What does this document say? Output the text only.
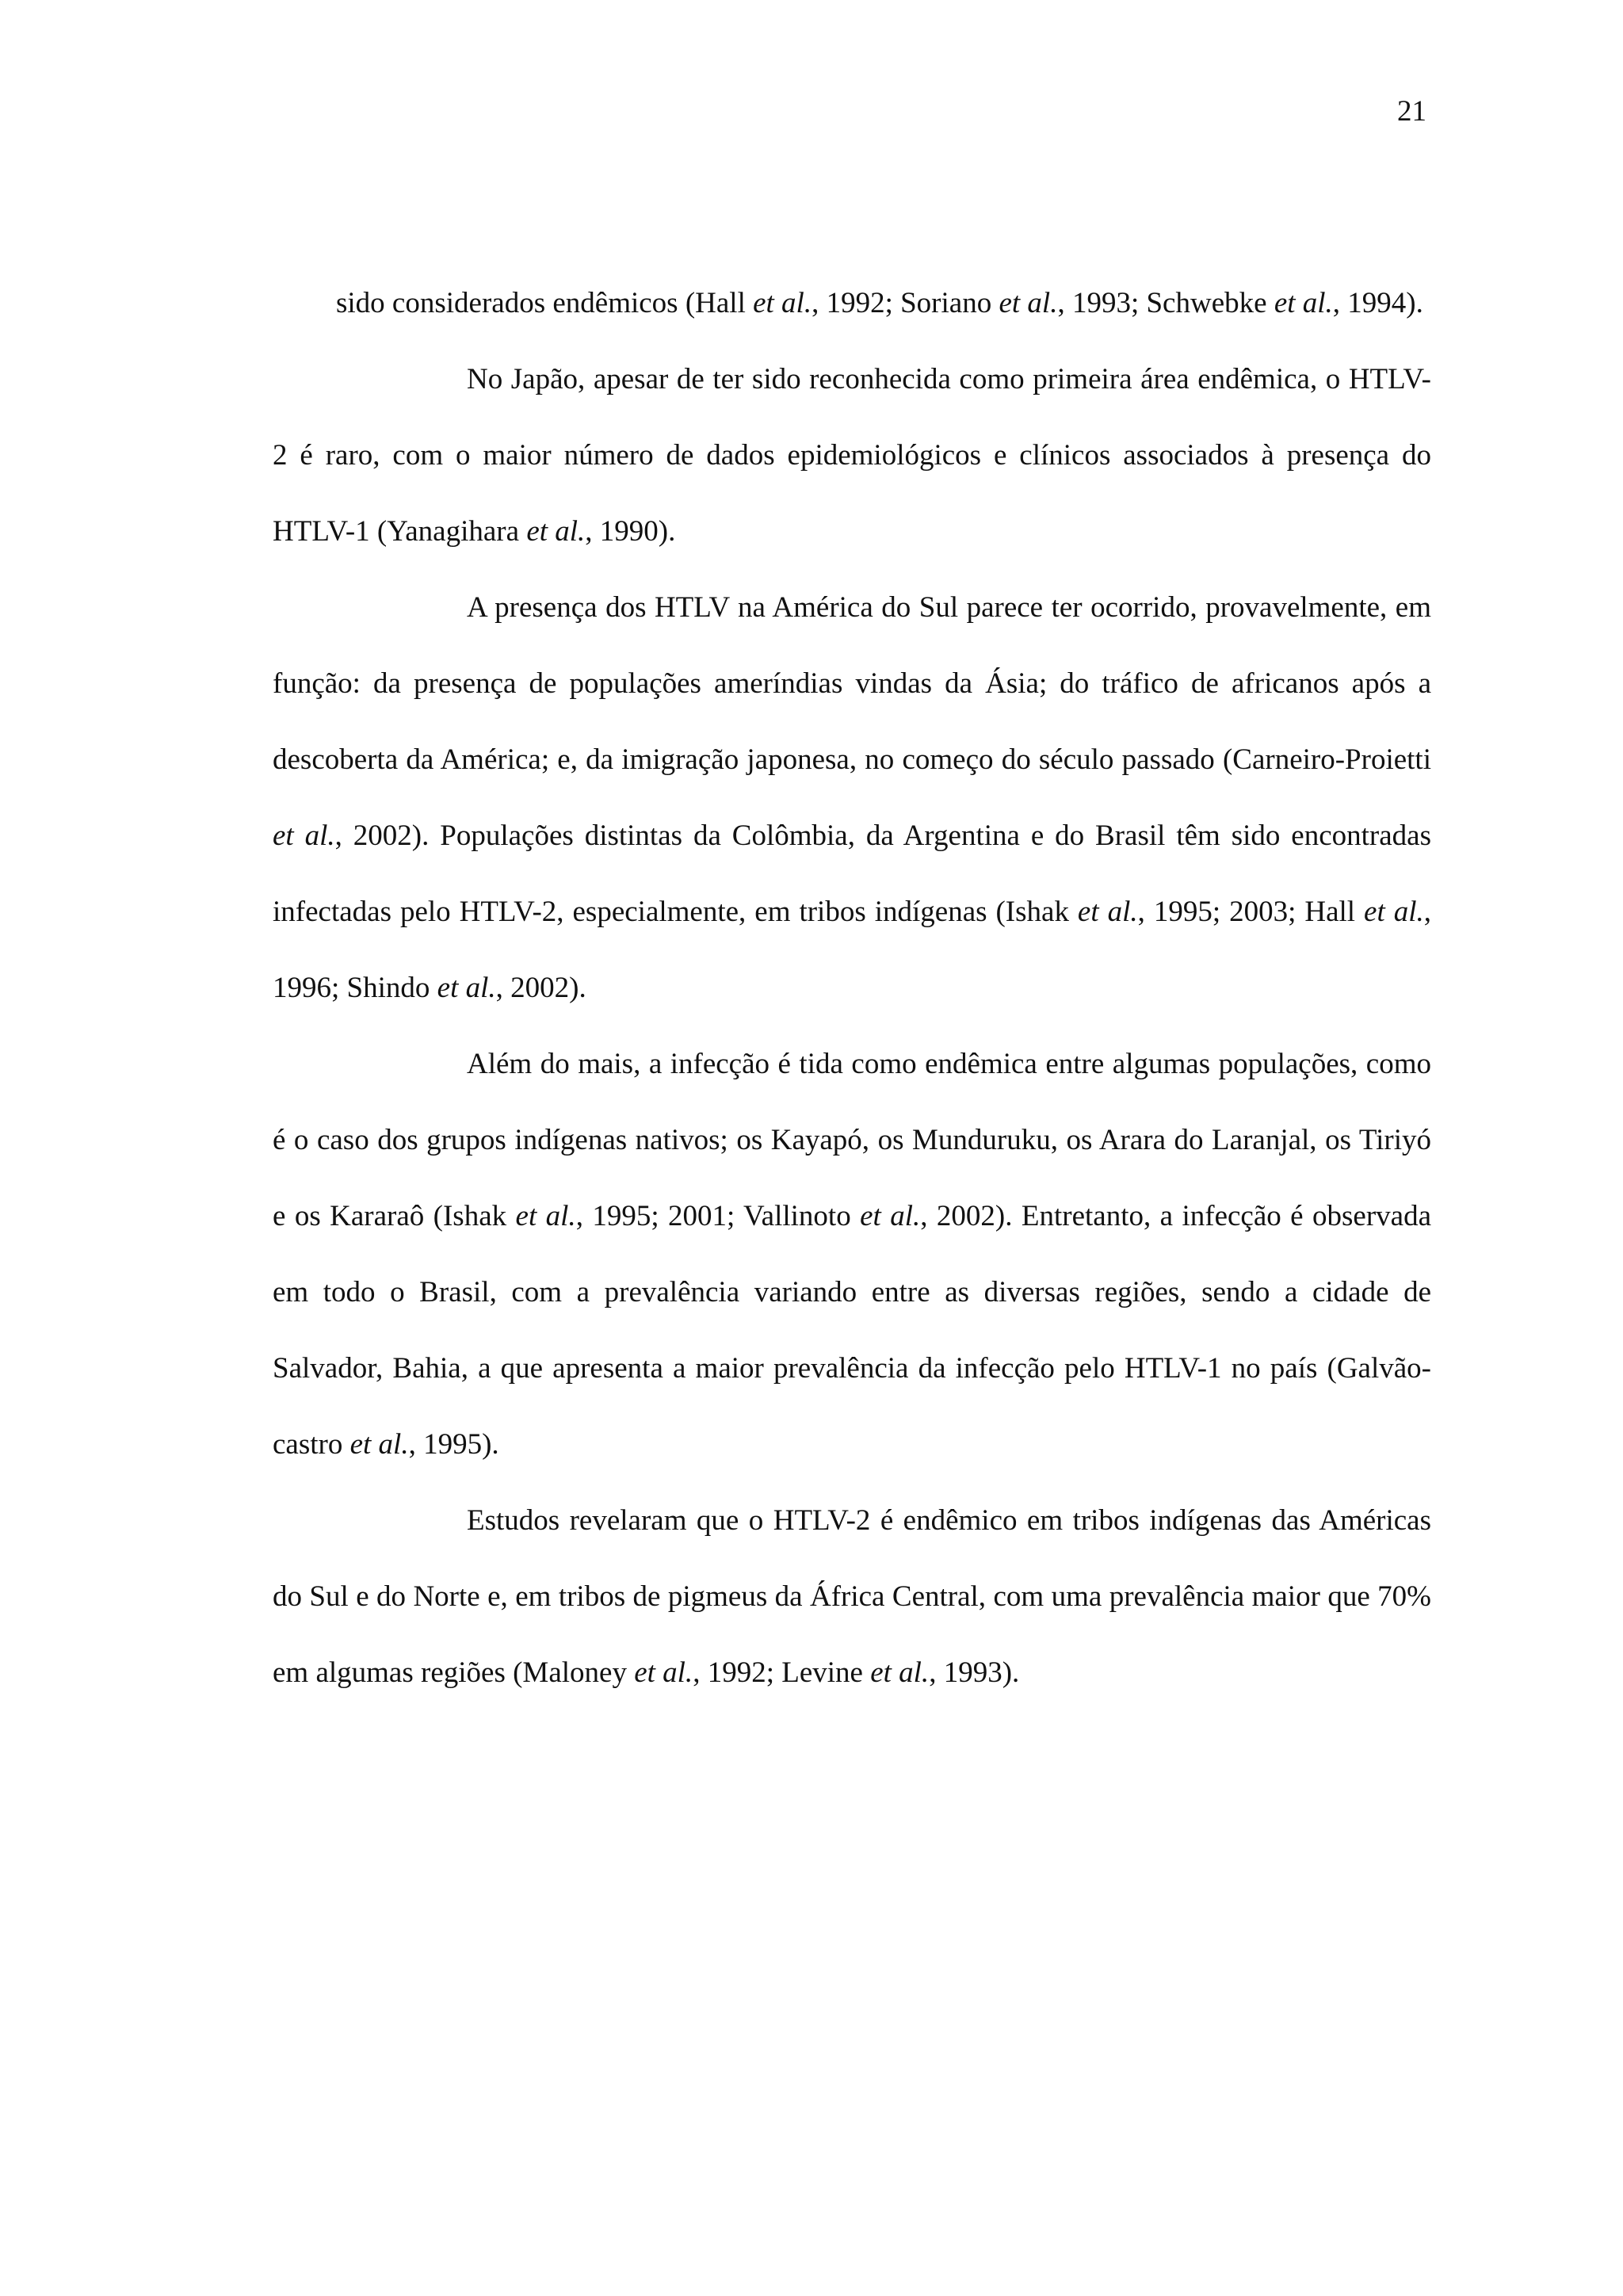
21

sido considerados endêmicos (Hall et al., 1992; Soriano et al., 1993; Schwebke et al., 1994).

No Japão, apesar de ter sido reconhecida como primeira área endêmica, o HTLV-2 é raro, com o maior número de dados epidemiológicos e clínicos associados à presença do HTLV-1 (Yanagihara et al., 1990).

A presença dos HTLV na América do Sul parece ter ocorrido, provavelmente, em função: da presença de populações ameríndias vindas da Ásia; do tráfico de africanos após a descoberta da América; e, da imigração japonesa, no começo do século passado (Carneiro-Proietti et al., 2002). Populações distintas da Colômbia, da Argentina e do Brasil têm sido encontradas infectadas pelo HTLV-2, especialmente, em tribos indígenas (Ishak et al., 1995; 2003; Hall et al., 1996; Shindo et al., 2002).

Além do mais, a infecção é tida como endêmica entre algumas populações, como é o caso dos grupos indígenas nativos; os Kayapó, os Munduruku, os Arara do Laranjal, os Tiriyó e os Kararaô (Ishak et al., 1995; 2001; Vallinoto et al., 2002). Entretanto, a infecção é observada em todo o Brasil, com a prevalência variando entre as diversas regiões, sendo a cidade de Salvador, Bahia, a que apresenta a maior prevalência da infecção pelo HTLV-1 no país (Galvão-castro et al., 1995).

Estudos revelaram que o HTLV-2 é endêmico em tribos indígenas das Américas do Sul e do Norte e, em tribos de pigmeus da África Central, com uma prevalência maior que 70% em algumas regiões (Maloney et al., 1992; Levine et al., 1993).
